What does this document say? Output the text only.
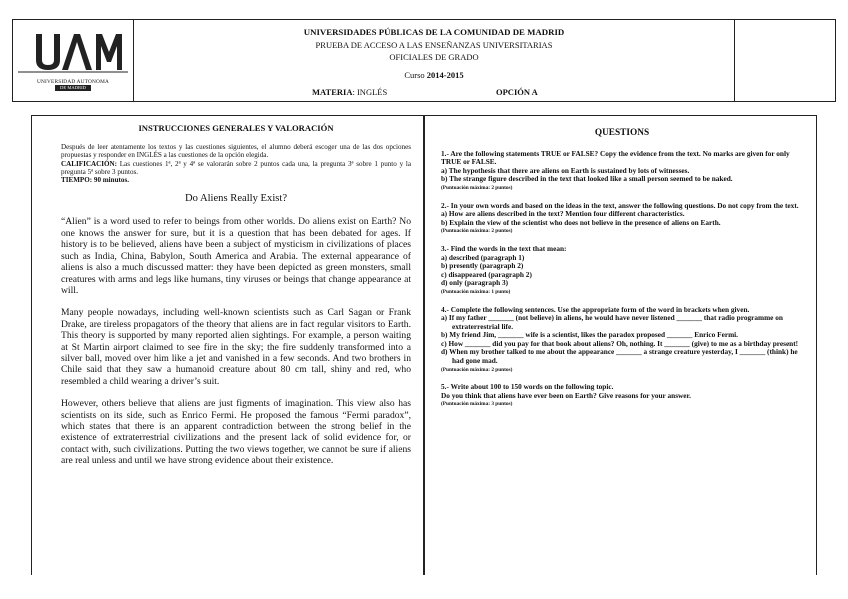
UNIVERSIDAD AUTONOMA
DE MADRID
UNIVERSIDADES PÚBLICAS DE LA COMUNIDAD DE MADRID
PRUEBA DE ACCESO A LAS ENSEÑANZAS UNIVERSITARIAS
OFICIALES DE GRADO
Curso 2014-2015
MATERIA: INGLÉS	OPCIÓN A
INSTRUCCIONES GENERALES Y VALORACIÓN

Después de leer atentamente los textos y las cuestiones siguientes, el alumno deberá escoger una de las dos opciones propuestas y responder en INGLÉS a las cuestiones de la opción elegida.

CALIFICACIÓN: Las cuestiones 1ª, 2ª y 4ª se valorarán sobre 2 puntos cada una, la pregunta 3ª sobre 1 punto y la pregunta 5ª sobre 3 puntos.

TIEMPO: 90 minutos.

Do Aliens Really Exist?

“Alien” is a word used to refer to beings from other worlds. Do aliens exist on Earth? No one knows the answer for sure, but it is a question that has been debated for ages. If history is to be believed, aliens have been a subject of mysticism in civilizations of places such as India, China, Babylon, South America and Arabia. The external appearance of aliens is also a much discussed matter: they have been depicted as green monsters, small creatures with arms and legs like humans, tiny viruses or beings that change appearance at will.

Many people nowadays, including well-known scientists such as Carl Sagan or Frank Drake, are tireless propagators of the theory that aliens are in fact regular visitors to Earth. This theory is supported by many reported alien sightings. For example, a person waiting at St Martin airport claimed to see fire in the sky; the fire suddenly transformed into a silver ball, moved over him like a jet and vanished in a few seconds. And two brothers in Chile said that they saw a humanoid creature about 80 cm tall, shiny and red, who resembled a child wearing a driver’s suit.

However, others believe that aliens are just figments of imagination. This view also has scientists on its side, such as Enrico Fermi. He proposed the famous “Fermi paradox”, which states that there is an apparent contradiction between the strong belief in the existence of extraterrestrial civilizations and the present lack of solid evidence for, or contact with, such civilizations. Putting the two views together, we cannot be sure if aliens are real unless and until we have strong evidence about their existence.

QUESTIONS

1.- Are the following statements TRUE or FALSE? Copy the evidence from the text. No marks are given for only TRUE or FALSE.

a) The hypothesis that there are aliens on Earth is sustained by lots of witnesses.

b) The strange figure described in the text that looked like a small person seemed to be naked.

(Puntuación máxima: 2 puntos)

2.- In your own words and based on the ideas in the text, answer the following questions. Do not copy from the text.

a) How are aliens described in the text? Mention four different characteristics.

b) Explain the view of the scientist who does not believe in the presence of aliens on Earth.

(Puntuación máxima: 2 puntos)

3.- Find the words in the text that mean:

a) described (paragraph 1)

b) presently (paragraph 2)

c) disappeared (paragraph 2)

d) only (paragraph 3)

(Puntuación máxima: 1 punto)

4.- Complete the following sentences. Use the appropriate form of the word in brackets when given.

a) If my father _______ (not believe) in aliens, he would have never listened _______ that radio programme on extraterrestrial life.

b) My friend Jim, _______ wife is a scientist, likes the paradox proposed _______ Enrico Fermi.

c) How _______ did you pay for that book about aliens? Oh, nothing. It _______ (give) to me as a birthday present!

d) When my brother talked to me about the appearance _______ a strange creature yesterday, I _______ (think) he had gone mad.

(Puntuación máxima: 2 puntos)

5.- Write about 100 to 150 words on the following topic.

Do you think that aliens have ever been on Earth? Give reasons for your answer.

(Puntuación máxima: 3 puntos)
